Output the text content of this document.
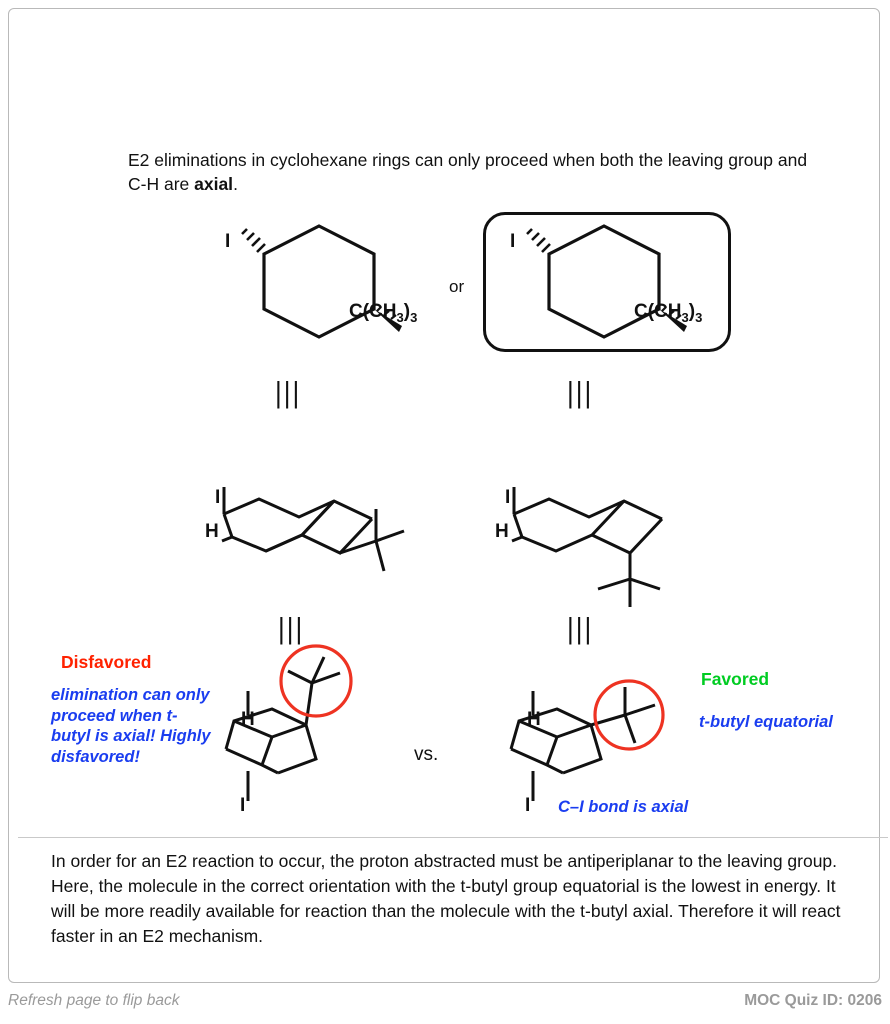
E2 eliminations in cyclohexane rings can only proceed when both the leaving group and C-H are axial.
I
$C(CH_3)_3$
or
I
$C(CH_3)_3$
|||	|||
I
H
I
H
|||	|||
Disfavored
elimination can only proceed when t-butyl is axial! Highly disfavored!
H
I
vs.
H
I
Favored
t-butyl equatorial
C–I bond is axial
In order for an E2 reaction to occur, the proton abstracted must be antiperiplanar to the leaving group. Here, the molecule in the correct orientation with the t-butyl group equatorial is the lowest in energy. It will be more readily available for reaction than the molecule with the t-butyl axial. Therefore it will react faster in an E2 mechanism.
Refresh page to flip back	MOC Quiz ID: 0206
